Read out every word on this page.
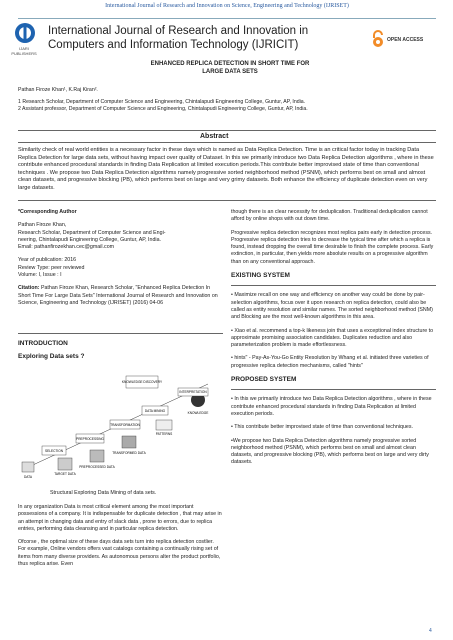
International Journal of Research and Innovation on Science, Engineering and Technology (IJRISET)
IJARI PUBLISHERS
International Journal of Research and Innovation in
Computers and Information Technology (IJRICIT)	OPEN ACCESS
ENHANCED REPLICA DETECTION IN SHORT TIME FOR
LARGE DATA SETS
Pathan Firoze Khan¹, K.Raj Kiran².
1 Research Scholar, Department of Computer Science and Engineering, Chintalapudi Engineering College, Guntur, AP, India.
2 Assistant professor, Department of Computer Science and Engineering, Chintalapudi Engineering College, Guntur, AP, India.
Abstract
Similarity check of real world entities is a necessary factor in these days which is named as Data Replica Detection. Time is an critical factor today in tracking Data Replica Detection for large data sets, without having impact over quality of Dataset. In this we primarily introduce two Data Replica Detection algorithms , where in these contribute enhanced procedural standards in finding Data Replication at limited execution periods.This contribute better improvised state of time than conventional techniques . We propose two Data Replica Detection algorithms namely progressive sorted neighborhood method (PSNM), which performs best on small and almost clean datasets, and progressive blocking (PB), which performs best on large and very grimy datasets. Both enhance the efficiency of duplicate detection even on very large datasets.
*Corresponding Author
Pathan Firoze Khan,
Research Scholar, Department of Computer Science and Engi-
neering, Chintalapudi Engineering College, Guntur, AP, India.
Email: pathanfirozekhan.cec@gmail.com
Year of publication: 2016
Review Type: peer reviewed
Volume: I, Issue : I
Citation: Pathan Firoze Khan, Research Scholar, "Enhanced Replica Detection In Short Time For Large Data Sets" International Journal of Research and Innovation on Science, Engineering and Technology (IJRISET) (2016) 04-06
INTRODUCTION
Exploring Data sets ?
KNOWLEDGE DISCOVERY
DATA
SELECTION
PREPROCESSING
TARGET DATA
PREPROCESSED DATA
TRANSFORMATION
TRANSFORMED DATA
DATA MINING
PATTERNS
KNOWLEDGE
INTERPRETATION
Structural Exploring Data Mining of data sets.

In any organization Data is most critical element among the most important possessions of a company. It is indispensable for duplicate detection , that may arise in an attempt in changing data and entry of slack data , prone to errors, due to replica entries, performing data cleansing and in particular replica detection.

Ofcorse , the optimal size of these days data sets turn into replica detection costlier. For example, Online vendors offers vast catalogs containing a continually rising set of items from many diverse providers. As autonomous persons alter the product portfolio, thus replica arise. Even

though there is an clear necessity for deduplication. Traditional deduplication cannot afford by online shops with out down time.

Progressive replica detection recognizes most replica pairs early in detection process. Progressive replica detection tries to decrease the typical time after which a replica is found, instead dropping the overall time desirable to finish the complete process. Early extinction, in particular, then yields more absolute results on a progressive algorithm than on any conventional approach.

EXISTING SYSTEM

• Maximize recall on one way and efficiency on another way could be done by pair-selection algorithms, focus over it upon research on replica detection, could also be called as entity resolution and similar names. The sorted neighborhood method (SNM) and Blocking are the most well-known algorithms in this area.

• Xiao et al. recommend a top-k likeness join that uses a exceptional index structure to approximate promising association candidates. Duplicates reduction and also parameterization problem is made effortlessness.

• hints" - Pay-As-You-Go Entity Resolution by Whang et al. initiated three varieties of progressive replica detection mechanisms, called "hints"

PROPOSED SYSTEM

• In this we primarily introduce two Data Replica Detection algorithms , where in these contribute enhanced procedural standards in finding Data Replication at limited execution periods.

• This contribute better improvised state of time than conventional techniques.

•We propose two Data Replica Detection algorithms namely progressive sorted neighborhood method (PSNM), which performs best on small and almost clean datasets, and progressive blocking (PB), which performs best on large and very dirty datasets.

4
